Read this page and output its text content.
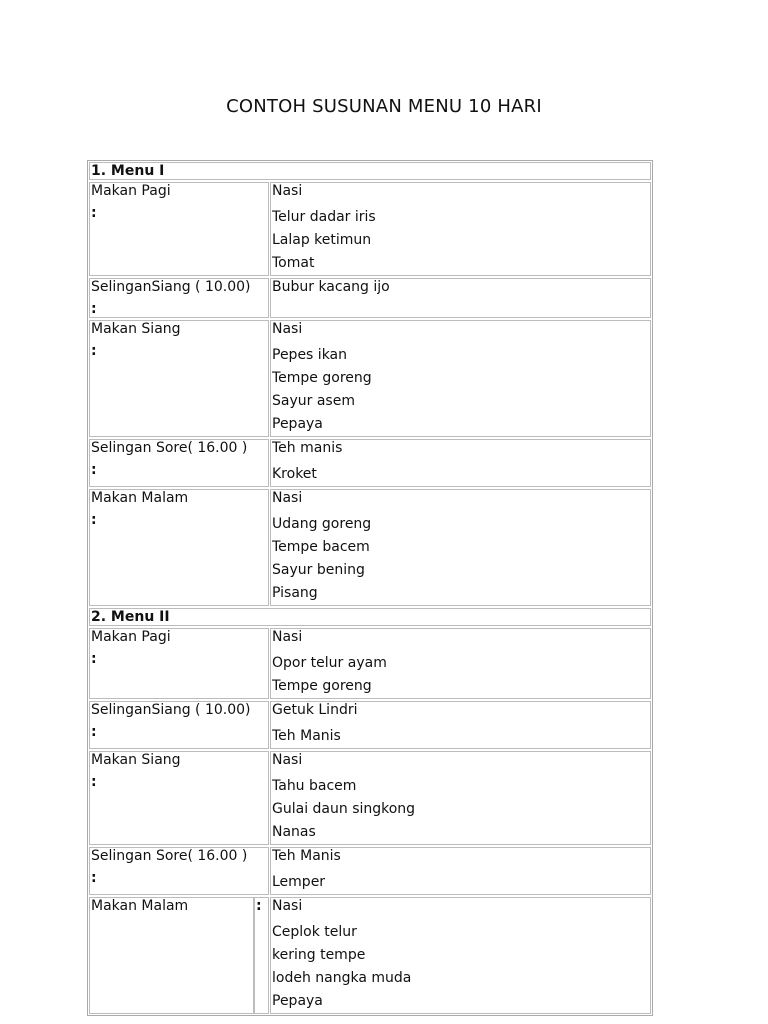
CONTOH SUSUNAN MENU 10 HARI
1. Menu I
Makan Pagi
:
Nasi
Telur dadar iris
Lalap ketimun
Tomat
SelinganSiang ( 10.00)
:
Bubur kacang ijo
Makan Siang
:
Nasi
Pepes ikan
Tempe goreng
Sayur asem
Pepaya
Selingan Sore( 16.00 )
:
Teh manis
Kroket
Makan Malam
:
Nasi
Udang goreng
Tempe bacem
Sayur bening
Pisang
2. Menu II
Makan Pagi
:
Nasi
Opor telur ayam
Tempe goreng
SelinganSiang ( 10.00)
:
Getuk Lindri
Teh Manis
Makan Siang
:
Nasi
Tahu bacem
Gulai daun singkong
Nanas
Selingan Sore( 16.00 )
:
Teh Manis
Lemper
Makan Malam	: Nasi
Ceplok telur
kering tempe
lodeh nangka muda
Pepaya
